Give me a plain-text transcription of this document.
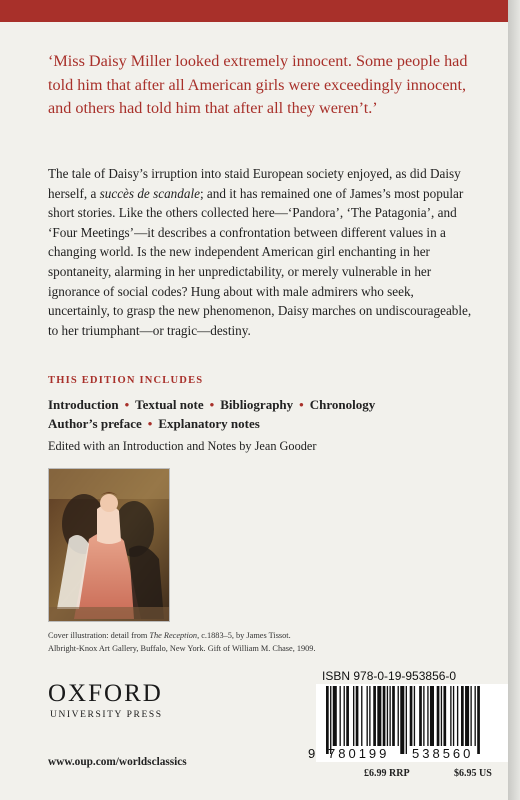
‘Miss Daisy Miller looked extremely innocent. Some people had told him that after all American girls were exceedingly innocent, and others had told him that after all they weren’t.’
The tale of Daisy’s irruption into staid European society enjoyed, as did Daisy herself, a succès de scandale; and it has remained one of James’s most popular short stories. Like the others collected here—‘Pandora’, ‘The Patagonia’, and ‘Four Meetings’—it describes a confrontation between different values in a changing world. Is the new independent American girl enchanting in her spontaneity, alarming in her unpredictability, or merely vulnerable in her ignorance of social codes? Hung about with male admirers who seek, uncertainly, to grasp the new phenomenon, Daisy marches on undiscourageable, to her triumphant—or tragic—destiny.
THIS EDITION INCLUDES
Introduction • Textual note • Bibliography • Chronology
Author’s preface • Explanatory notes
Edited with an Introduction and Notes by Jean Gooder
Cover illustration: detail from The Reception, c.1883–5, by James Tissot.
Albright-Knox Art Gallery, Buffalo, New York. Gift of William M. Chase, 1909.
OXFORD
UNIVERSITY PRESS
www.oup.com/worldsclassics
ISBN 978-0-19-953856-0
9 780199 538560
£6.99 RRP	$6.95 US
